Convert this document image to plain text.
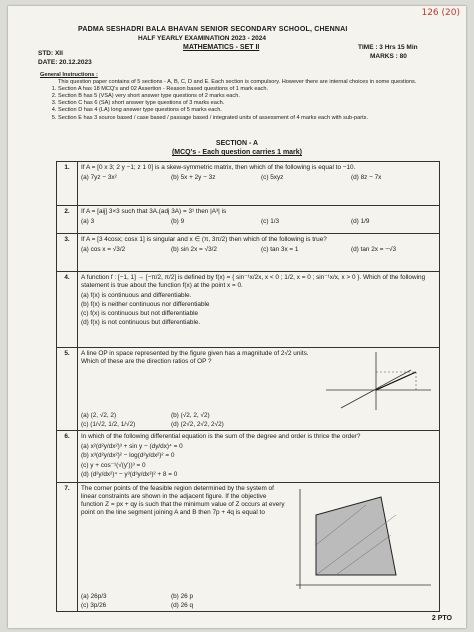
126 (20)
PADMA SESHADRI BALA BHAVAN SENIOR SECONDARY SCHOOL, CHENNAI
HALF YEARLY EXAMINATION 2023 - 2024
MATHEMATICS - SET II
STD: XII
DATE: 20.12.2023
TIME : 3 Hrs 15 Min
MARKS : 80
General Instructions :
This question paper contains of 5 sections - A, B, C, D and E. Each section is compulsory. However there are internal choices in some questions.
1. Section A has 18 MCQ's and 02 Assertion - Reason based questions of 1 mark each.
2. Section B has 5 (VSA) very short answer type questions of 2 marks each.
3. Section C has 6 (SA) short answer type questions of 3 marks each.
4. Section D has 4 (LA) long answer type questions of 5 marks each.
5. Section E has 3 source based / case based / passage based / integrated units of assessment of 4 marks each with sub-parts.
SECTION - A
(MCQ's - Each question carries 1 mark)
1.	If A = [0 x 3; 2 y −1; z 1 0] is a skew-symmetric matrix, then which of the following is equal to −10.
(a) 7yz − 3x² (b) 5x + 2y − 3z (c) 5xyz (d) 8z − 7x

2.	If A = [aij] 3×3 such that 3A.(adj 3A) = 3¹ then |A³| is
(a) 3 (b) 9 (c) 1/3 (d) 1/9

3.	If A = [3 4cosx; cosx 1] is singular and x ∈ (π, 3π/2) then which of the following is true?
(a) cos x = √3/2 (b) sin 2x = √3/2 (c) tan 3x = 1 (d) tan 2x = −√3

4.	A function f : [−1, 1] → [−π/2, π/2] is defined by f(x) = { sin⁻¹x/2x, x < 0 ; 1/2, x = 0 ; sin⁻¹x/x, x > 0 }. Which of the following statement is true about the function f(x) at the point x = 0.
(a) f(x) is continuous and differentiable.
(b) f(x) is neither continuous nor differentiable
(c) f(x) is continuous but not differentiable
(d) f(x) is not continuous but differentiable.

5.	A line OP in space represented by the figure given has a magnitude of 2√2 units. Which of these are the direction ratios of OP ?
(a) (2, √2, 2) (b) (√2, 2, √2)
(c) (1/√2, 1/2, 1/√2) (d) (2√2, 2√2, 2√2)

6.	In which of the following differential equation is the sum of the degree and order is thrice the order?
(a) x²(d²y/dx²)³ + sin y − (dy/dx)⁴ = 0
(b) x³(d²y/dx²)² − log(d²y/dx²)² = 0
(c) y + cos⁻¹(√(y'))³ = 0
(d) (d²y/dx²)⁴ − y³(d³y/dx³)² + 8 = 0

7.	The corner points of the feasible region determined by the system of linear constraints are shown in the adjacent figure. If the objective function Z = px + qy is such that the minimum value of Z occurs at every point on the line segment joining A and B then 7p + 4q is equal to
(a) 26p/3 (b) 26 p
(c) 3p/26 (d) 26 q
2 PTO
